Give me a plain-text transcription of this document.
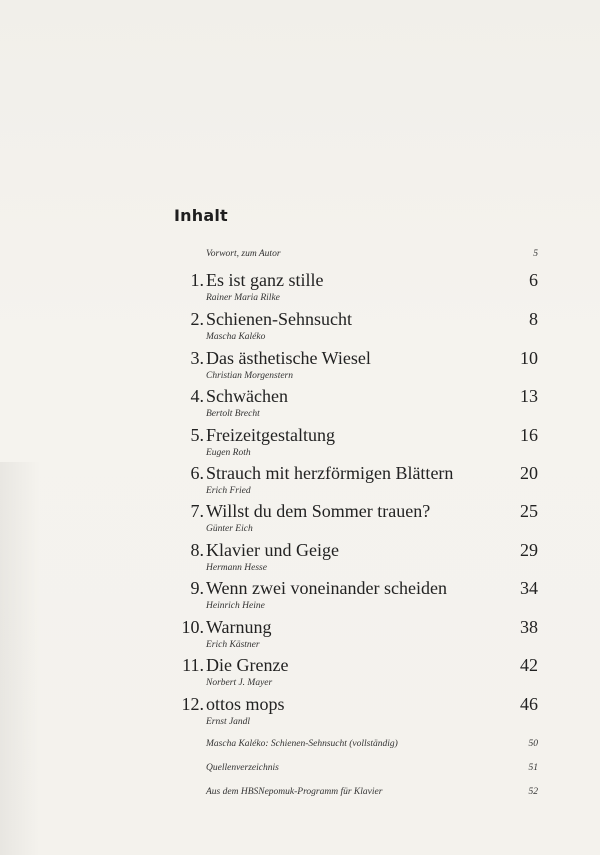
Inhalt
Vorwort, zum Autor	5
1. Es ist ganz stille	6
Rainer Maria Rilke
2. Schienen-Sehnsucht	8
Mascha Kaléko
3. Das ästhetische Wiesel	10
Christian Morgenstern
4. Schwächen	13
Bertolt Brecht
5. Freizeitgestaltung	16
Eugen Roth
6. Strauch mit herzförmigen Blättern	20
Erich Fried
7. Willst du dem Sommer trauen?	25
Günter Eich
8. Klavier und Geige	29
Hermann Hesse
9. Wenn zwei voneinander scheiden	34
Heinrich Heine
10. Warnung	38
Erich Kästner
11. Die Grenze	42
Norbert J. Mayer
12. ottos mops	46
Ernst Jandl
Mascha Kaléko: Schienen-Sehnsucht (vollständig)	50
Quellenverzeichnis	51
Aus dem HBSNepomuk-Programm für Klavier	52
